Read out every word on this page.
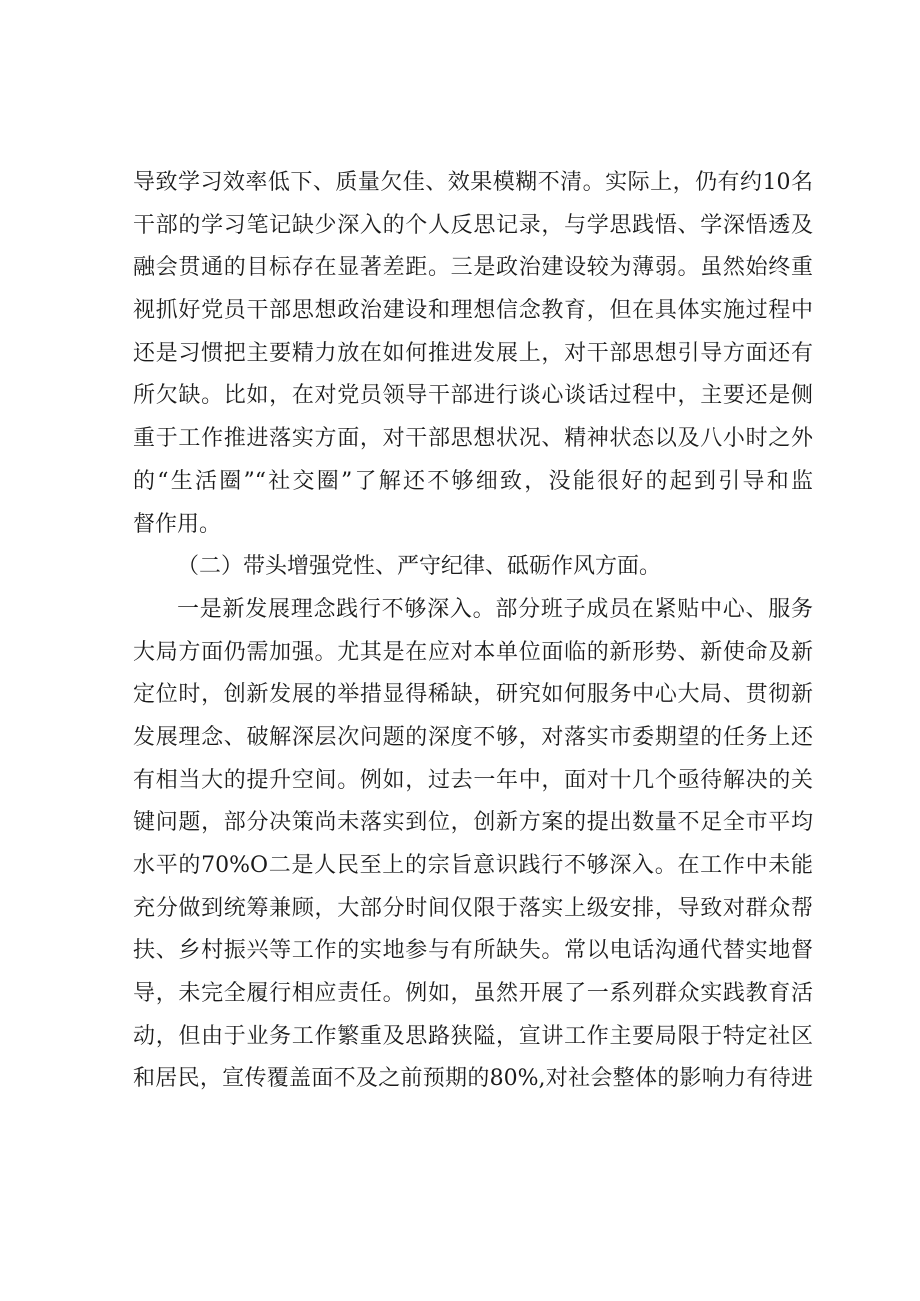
导致学习效率低下、质量欠佳、效果模糊不清。实际上，仍有约10名
干部的学习笔记缺少深入的个人反思记录，与学思践悟、学深悟透及
融会贯通的目标存在显著差距。三是政治建设较为薄弱。虽然始终重
视抓好党员干部思想政治建设和理想信念教育，但在具体实施过程中
还是习惯把主要精力放在如何推进发展上，对干部思想引导方面还有
所欠缺。比如，在对党员领导干部进行谈心谈话过程中，主要还是侧
重于工作推进落实方面，对干部思想状况、精神状态以及八小时之外
的“生活圈”“社交圈”了解还不够细致，没能很好的起到引导和监
督作用。
（二）带头增强党性、严守纪律、砥砺作风方面。
一是新发展理念践行不够深入。部分班子成员在紧贴中心、服务
大局方面仍需加强。尤其是在应对本单位面临的新形势、新使命及新
定位时，创新发展的举措显得稀缺，研究如何服务中心大局、贯彻新
发展理念、破解深层次问题的深度不够，对落实市委期望的任务上还
有相当大的提升空间。例如，过去一年中，面对十几个亟待解决的关
键问题，部分决策尚未落实到位，创新方案的提出数量不足全市平均
水平的70%O二是人民至上的宗旨意识践行不够深入。在工作中未能
充分做到统筹兼顾，大部分时间仅限于落实上级安排，导致对群众帮
扶、乡村振兴等工作的实地参与有所缺失。常以电话沟通代替实地督
导，未完全履行相应责任。例如，虽然开展了一系列群众实践教育活
动，但由于业务工作繁重及思路狭隘，宣讲工作主要局限于特定社区
和居民，宣传覆盖面不及之前预期的80%,对社会整体的影响力有待进
